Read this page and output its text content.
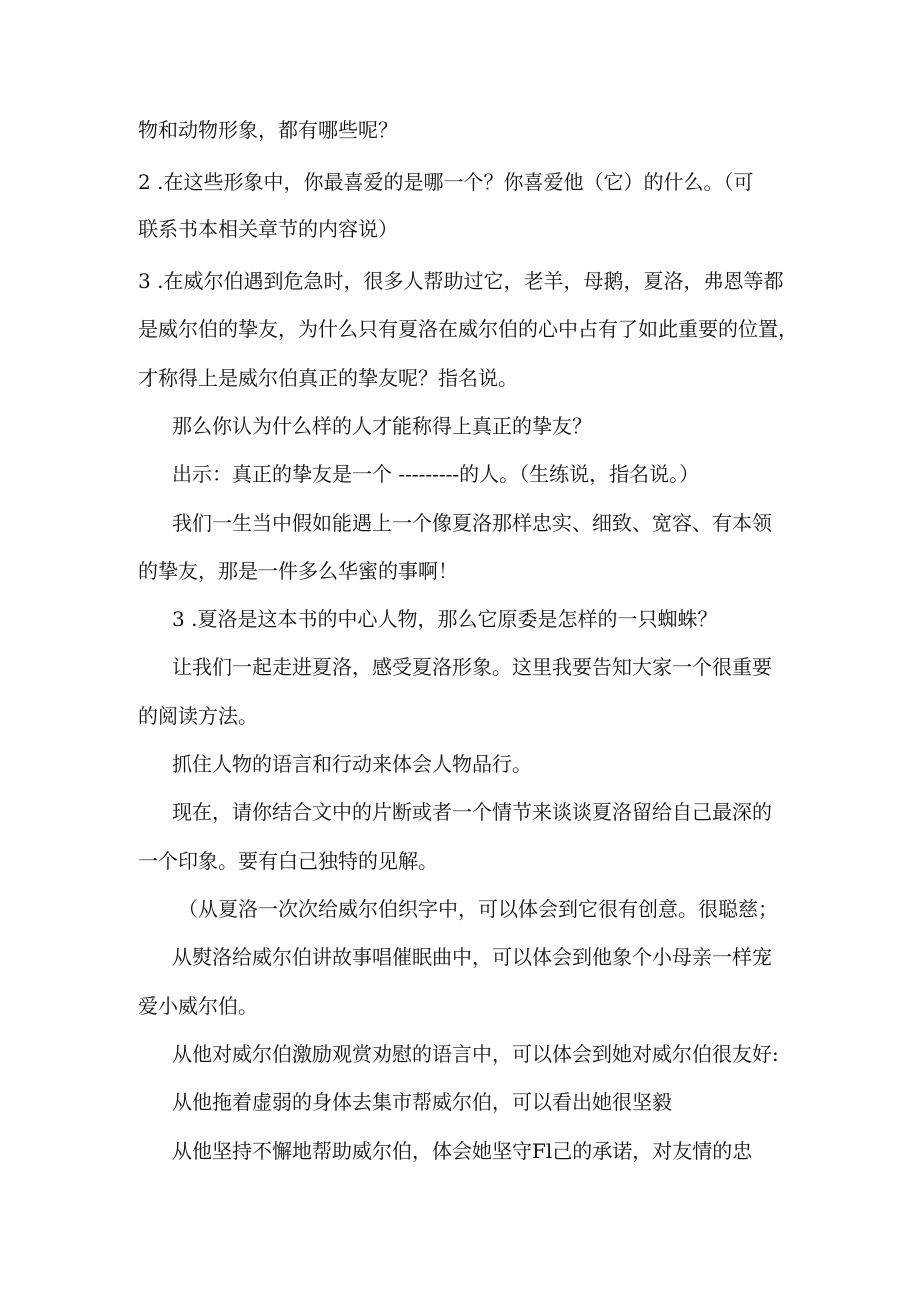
物和动物形象，都有哪些呢？

2 .在这些形象中，你最喜爱的是哪一个？你喜爱他（它）的什么。（可

联系书本相关章节的内容说）

3 .在威尔伯遇到危急时，很多人帮助过它，老羊，母鹅，夏洛，弗恩等都

是威尔伯的挚友，为什么只有夏洛在威尔伯的心中占有了如此重要的位置，

才称得上是威尔伯真正的挚友呢？指名说。

那么你认为什么样的人才能称得上真正的挚友？

出示：真正的挚友是一个 ---------的人。（生练说，指名说。）

我们一生当中假如能遇上一个像夏洛那样忠实、细致、宽容、有本领

的挚友，那是一件多么华蜜的事啊！

3 .夏洛是这本书的中心人物，那么它原委是怎样的一只蜘蛛？

让我们一起走进夏洛，感受夏洛形象。这里我要告知大家一个很重要

的阅读方法。

抓住人物的语言和行动来体会人物品行。

现在，请你结合文中的片断或者一个情节来谈谈夏洛留给自己最深的

一个印象。要有白己独特的见解。

（从夏洛一次次给威尔伯织字中，可以体会到它很有创意。很聪慈；

从熨洛给威尔伯讲故事唱催眠曲中，可以体会到他象个小母亲一样宠

爱小威尔伯。

从他对威尔伯激励观赏劝慰的语言中，可以体会到她对威尔伯很友好:

从他拖着虚弱的身体去集市帮威尔伯，可以看出她很坚毅

从他坚持不懈地帮助威尔伯，体会她坚守Fl己的承诺，对友情的忠
